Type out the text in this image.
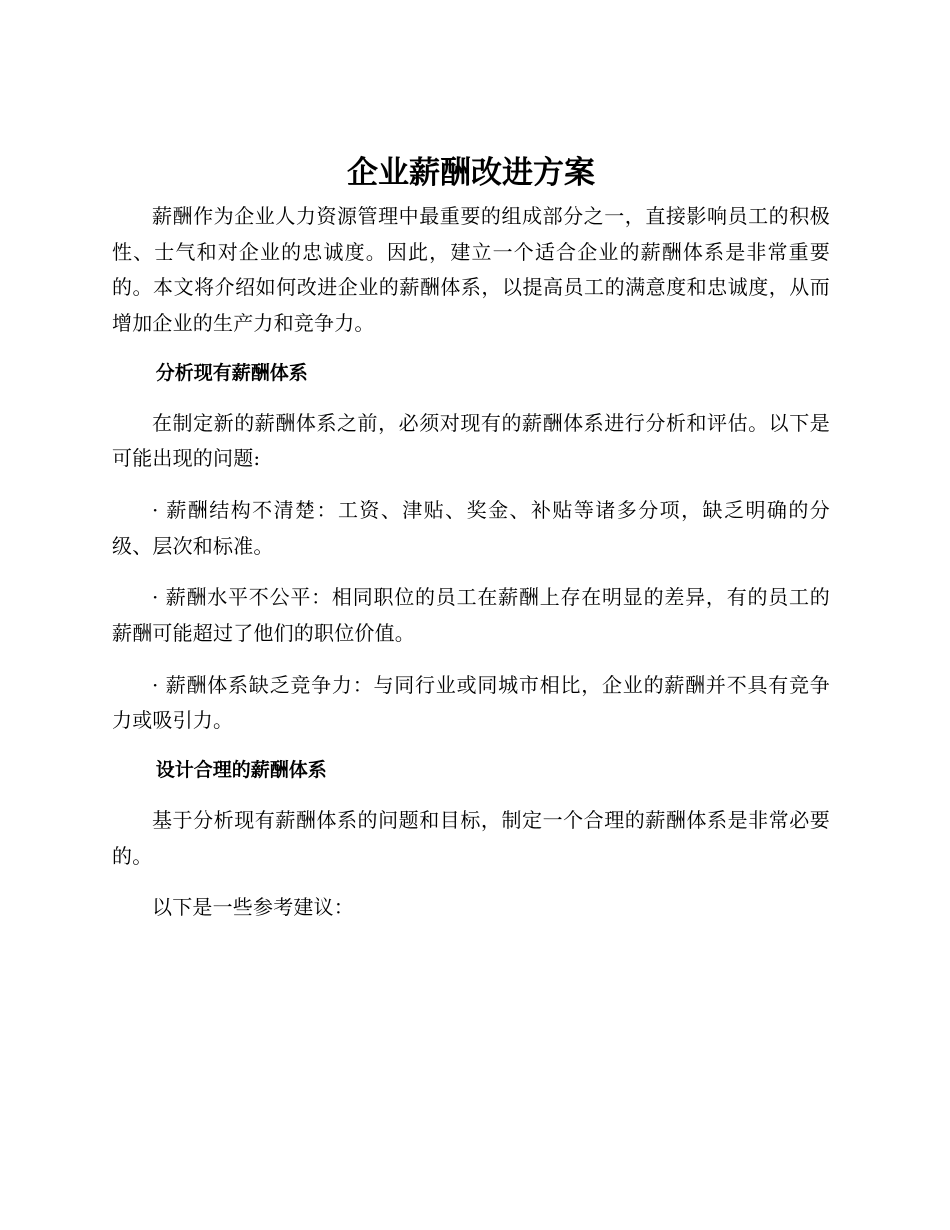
企业薪酬改进方案

薪酬作为企业人力资源管理中最重要的组成部分之一，直接影响员工的积极性、士气和对企业的忠诚度。因此，建立一个适合企业的薪酬体系是非常重要的。本文将介绍如何改进企业的薪酬体系，以提高员工的满意度和忠诚度，从而增加企业的生产力和竞争力。

分析现有薪酬体系

在制定新的薪酬体系之前，必须对现有的薪酬体系进行分析和评估。以下是可能出现的问题:

· 薪酬结构不清楚：工资、津贴、奖金、补贴等诸多分项，缺乏明确的分级、层次和标准。

· 薪酬水平不公平：相同职位的员工在薪酬上存在明显的差异，有的员工的薪酬可能超过了他们的职位价值。

· 薪酬体系缺乏竞争力：与同行业或同城市相比，企业的薪酬并不具有竞争力或吸引力。

设计合理的薪酬体系

基于分析现有薪酬体系的问题和目标，制定一个合理的薪酬体系是非常必要的。

以下是一些参考建议：
